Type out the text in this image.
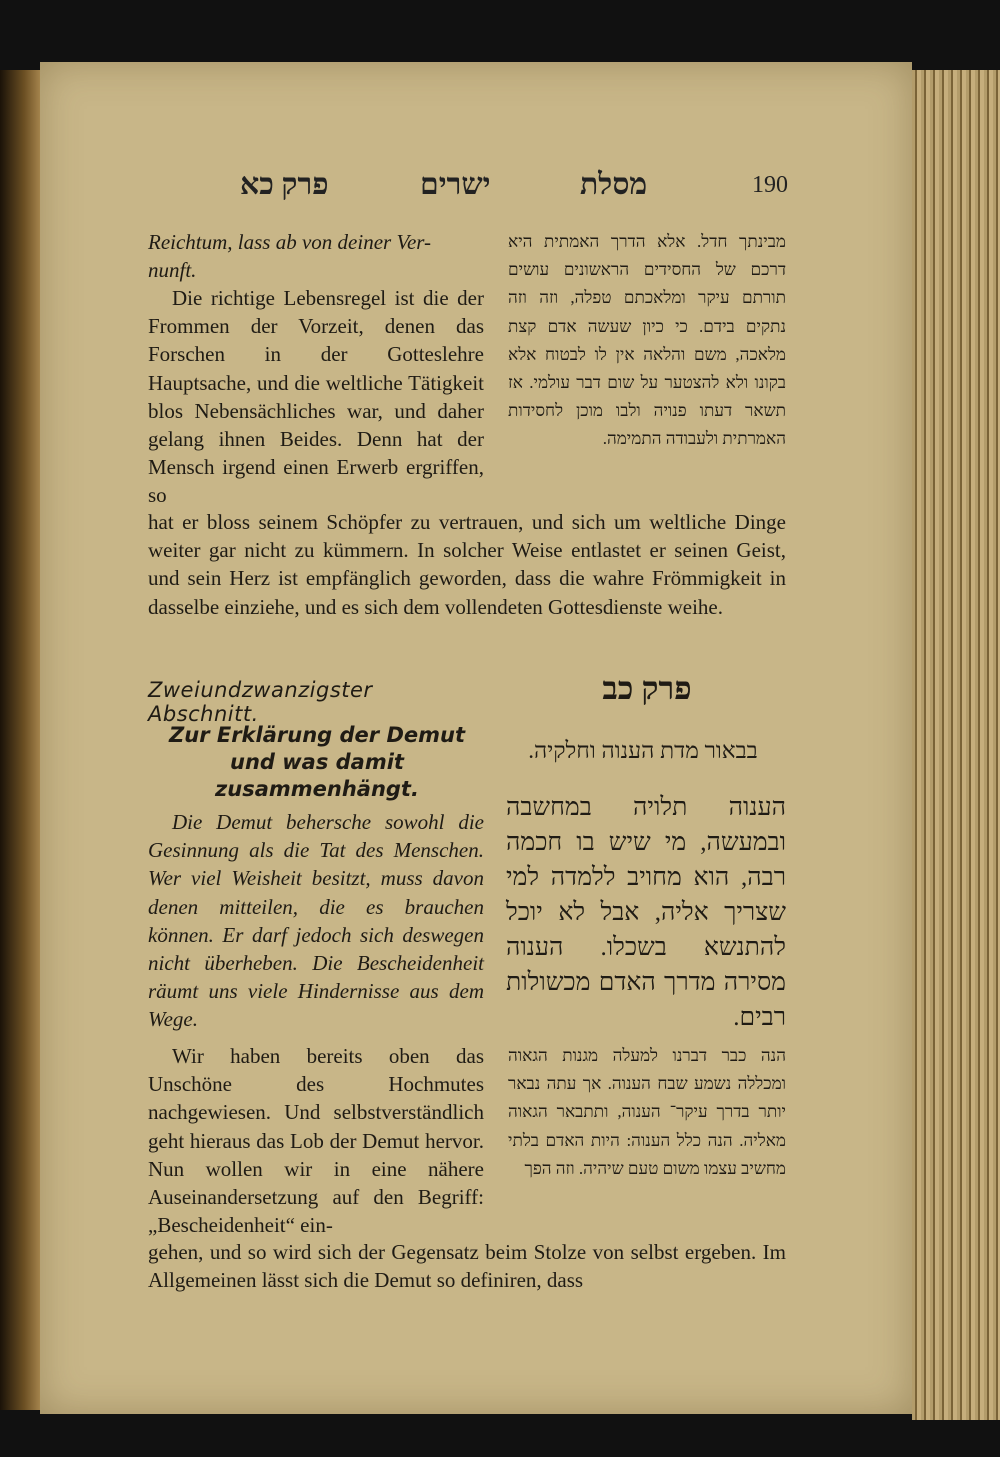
190
מסלת
ישרים
פרק כא
Reichtum, lass ab von deiner Ver-
nunft.
Die richtige Lebensregel ist die der Frommen der Vorzeit, denen das Forschen in der Gotteslehre Hauptsache, und die weltliche Tätigkeit blos Nebensächliches war, und daher gelang ihnen Beides. Denn hat der Mensch irgend einen Erwerb ergriffen, so
hat er bloss seinem Schöpfer zu vertrauen, und sich um weltliche Dinge weiter gar nicht zu kümmern. In solcher Weise entlastet er seinen Geist, und sein Herz ist empfänglich geworden, dass die wahre Frömmigkeit in dasselbe einziehe, und es sich dem vollendeten Gottesdienste weihe.
מבינתך חדל. אלא הדרך האמתית היא דרכם של החסידים הראשונים עושים תורתם עיקר ומלאכתם טפלה, וזה וזה נתקים בידם. כי כיון שעשה אדם קצת מלאכה, משם והלאה אין לו לבטוח אלא בקונו ולא להצטער על שום דבר עולמי. אז תשאר דעתו פנויה ולבו מוכן לחסידות האמרתית ולעבודה התמימה.
Zweiundzwanzigster Abschnitt.
Zur Erklärung der Demut und was damit zusammenhängt.
Die Demut behersche sowohl die Gesinnung als die Tat des Menschen. Wer viel Weisheit besitzt, muss davon denen mitteilen, die es brauchen können. Er darf jedoch sich deswegen nicht überheben. Die Bescheidenheit räumt uns viele Hindernisse aus dem Wege.
פרק כב
בבאור מדת הענוה וחלקיה.
הענוה תלויה במחשבה ובמעשה, מי שיש בו חכמה רבה, הוא מחויב ללמדה למי שצריך אליה, אבל לא יוכל להתנשא בשכלו. הענוה מסירה מדרך האדם מכשולות רבים.
Wir haben bereits oben das Unschöne des Hochmutes nachgewiesen. Und selbstverständlich geht hieraus das Lob der Demut hervor. Nun wollen wir in eine nähere Auseinandersetzung auf den Begriff: „Bescheidenheit“ ein-
הנה כבר דברנו למעלה מגנות הגאוה ומכללה נשמע שבח הענוה. אך עתה נבאר יותר בדרך עיקר־ הענוה, ותתבאר הגאוה מאליה. הנה כלל הענוה: היות האדם בלתי מחשיב עצמו משום טעם שיהיה. וזה הפך
gehen, und so wird sich der Gegensatz beim Stolze von selbst ergeben. Im Allgemeinen lässt sich die Demut so definiren, dass
